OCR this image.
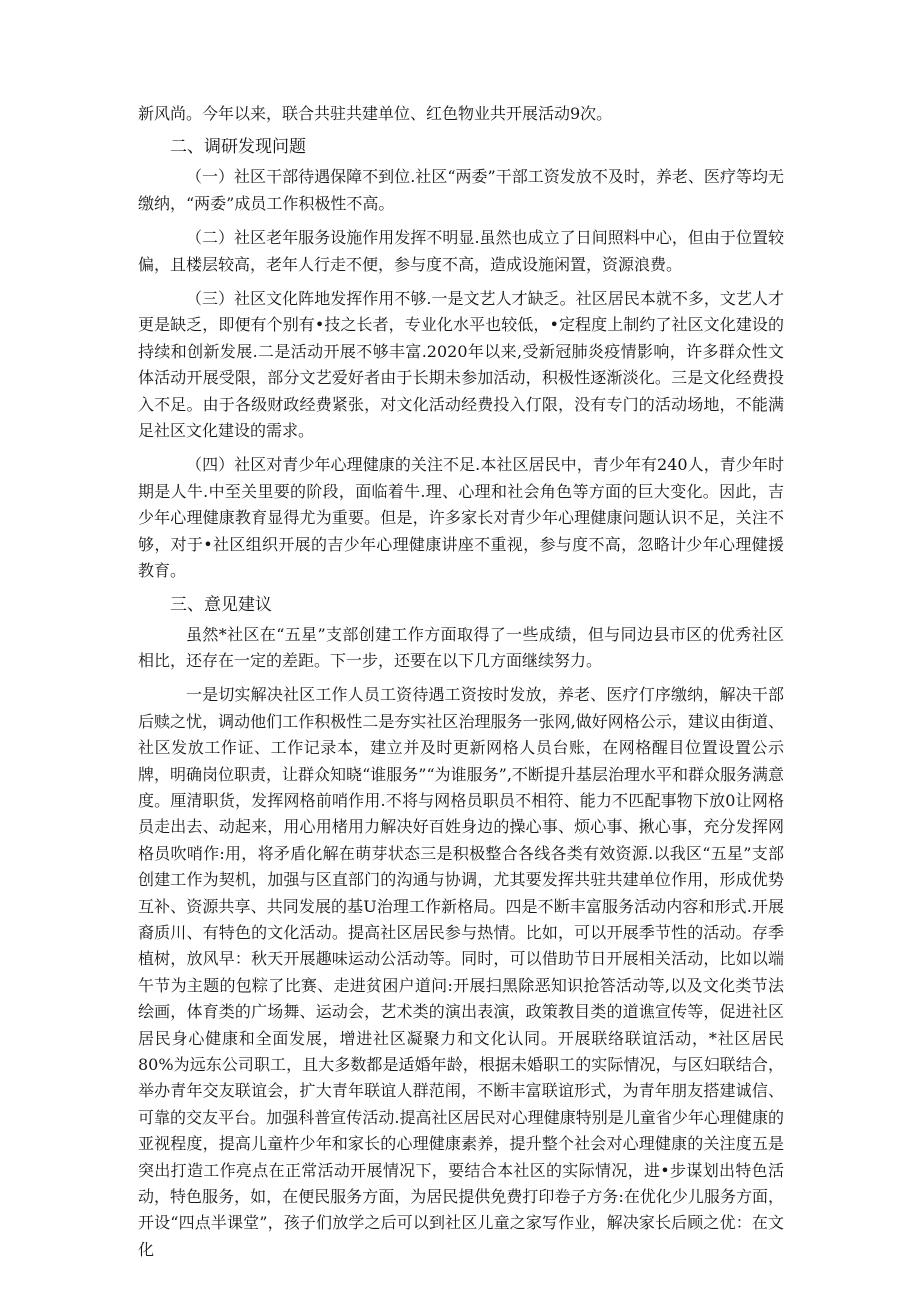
新风尚。今年以来，联合共驻共建单位、红色物业共开展活动9次。

二、调研发现问题

（一）社区干部待遇保障不到位.社区“两委”干部工资发放不及时，养老、医疗等均无缴纳，“两委”成员工作积极性不高。

（二）社区老年服务设施作用发挥不明显.虽然也成立了日间照料中心，但由于位置较偏，且楼层较高，老年人行走不便，参与度不高，造成设施闲置，资源浪费。

（三）社区文化阵地发挥作用不够.一是文艺人才缺乏。社区居民本就不多，文艺人才更是缺乏，即便有个别有•技之长者，专业化水平也较低，•定程度上制约了社区文化建设的持续和创新发展.二是活动开展不够丰富.2020年以来,受新冠肺炎疫情影响，许多群众性文体活动开展受限，部分文艺爱好者由于长期未参加活动，积极性逐渐淡化。三是文化经费投入不足。由于各级财政经费紧张，对文化活动经费投入仃限，没有专门的活动场地，不能满足社区文化建设的需求。

（四）社区对青少年心理健康的关注不足.本社区居民中，青少年有240人，青少年时期是人牛.中至关里要的阶段，面临着牛.理、心理和社会角色等方面的巨大变化。因此，吉少年心理健康教育显得尤为重要。但是，许多家长对青少年心理健康问题认识不足，关注不够，对于•社区组织开展的吉少年心理健康讲座不重视，参与度不高，忽略计少年心理健援教育。

三、意见建议

虽然*社区在“五星”支部创建工作方面取得了一些成绩，但与同边县市区的优秀社区相比，还存在一定的差距。下一步，还要在以下几方面继续努力。

一是切实解决社区工作人员工资待遇工资按时发放，养老、医疗仃序缴纳，解决干部后赎之忧，调动他们工作积极性二是夯实社区治理服务一张网,做好网格公示，建议由街道、社区发放工作证、工作记录本，建立并及时更新网格人员台账，在网格醒目位置设置公示牌，明确岗位职责，让群众知晓“谁服务”“为谁服务”,不断提升基层治理水平和群众服务满意度。厘清职货，发挥网格前哨作用.不将与网格员职员不相符、能力不匹配事物下放0让网格员走出去、动起来，用心用楮用力解决好百姓身边的操心事、烦心事、揪心事，充分发挥网格员吹哨作:用，将矛盾化解在萌芽状态三是积极整合各线各类有效资源.以我区“五星”支部创建工作为契机，加强与区直部门的沟通与协调，尤其要发挥共驻共建单位作用，形成优势互补、资源共享、共同发展的基U治理工作新格局。四是不断丰富服务活动内容和形式.开展裔质川、有特色的文化活动。提高社区居民参与热情。比如，可以开展季节性的活动。存季植树，放风早：秋天开展趣味运动公活动等。同时，可以借助节日开展相关活动，比如以端午节为主题的包粽了比赛、走进贫困户道问:开展扫黑除恶知识抢答活动等,以及文化类节法绘画，体育类的广场舞、运动会，艺术类的演出表演，政策教目类的道谯宣传等，促进社区居民身心健康和全面发展，增进社区凝聚力和文化认同。开展联络联谊活动，*社区居民80%为远东公司职工，且大多数都是适婚年龄，根据未婚职工的实际情况，与区妇联结合，举办青年交友联谊会，扩大青年联谊人群范闱，不断丰富联谊形式，为青年朋友搭建诚信、可靠的交友平台。加强科普宣传活动.提高社区居民对心理健康特别是儿童省少年心理健康的亚视程度，提高儿童杵少年和家长的心理健康素养，提升整个社会对心理健康的关注度五是突出打造工作亮点在正常活动开展情况下，要结合本社区的实际情况，进•步谋划出特色活动，特色服务，如，在便民服务方面，为居民提供免费打印卷子方务:在优化少儿服务方面，开设“四点半课堂”，孩子们放学之后可以到社区儿童之家写作业，解决家长后顾之优：在文化
